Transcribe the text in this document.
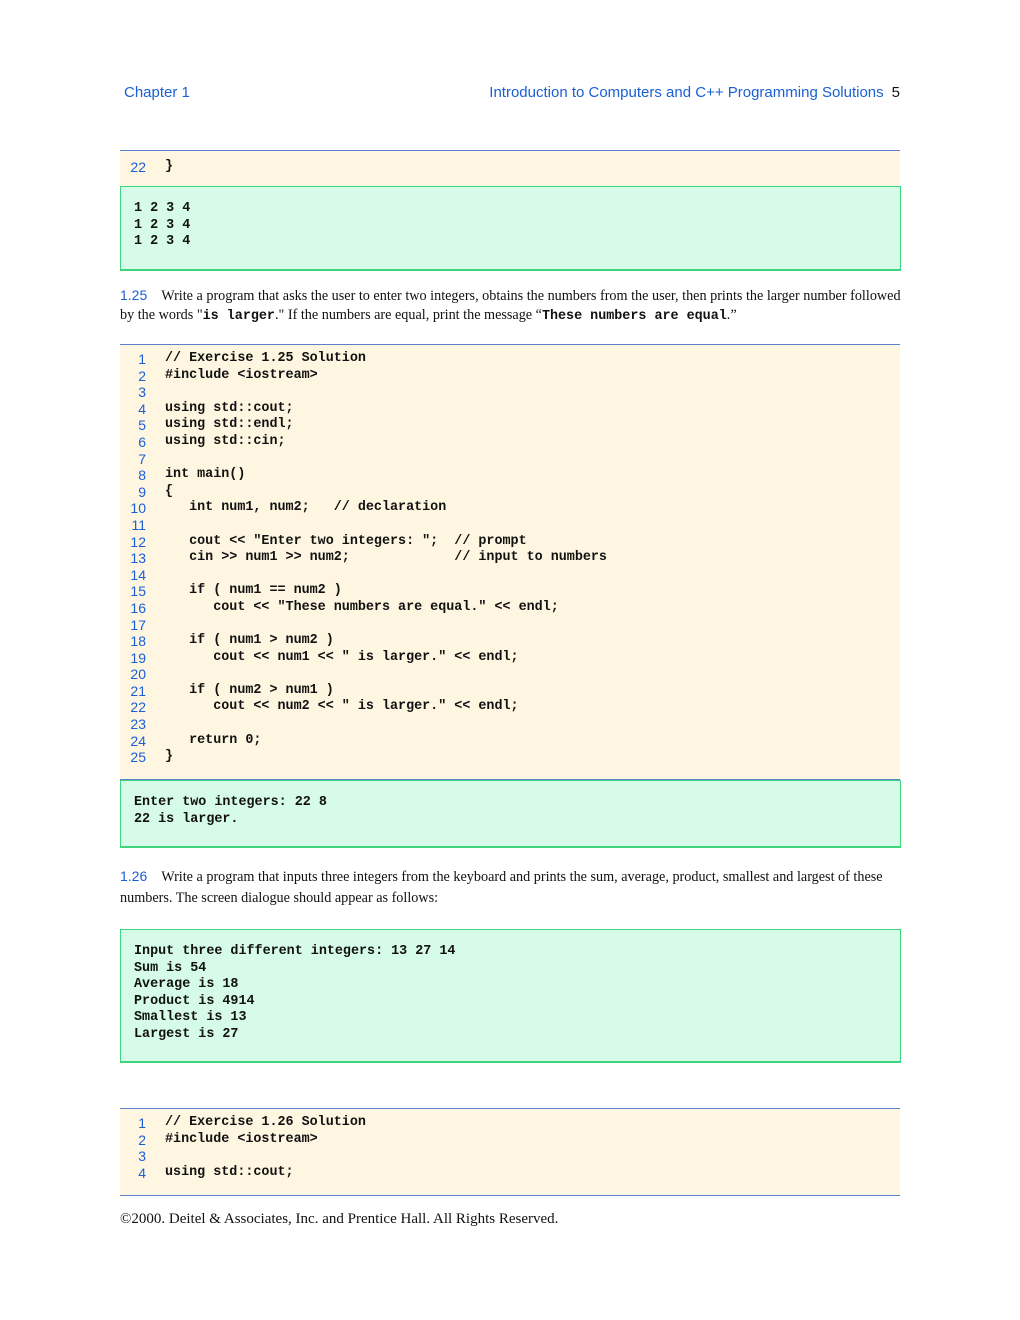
Chapter 1	Introduction to Computers and C++ Programming Solutions 5
22 }
1 2 3 4
1 2 3 4
1 2 3 4
1.25 Write a program that asks the user to enter two integers, obtains the numbers from the user, then prints the larger number followed by the words "is larger." If the numbers are equal, print the message “These numbers are equal.”
1 // Exercise 1.25 Solution
2 #include <iostream>
3
4 using std::cout;
5 using std::endl;
6 using std::cin;
7
8 int main()
9 {
10 int num1, num2;   // declaration
11
12 cout << "Enter two integers: ";  // prompt
13 cin >> num1 >> num2;             // input to numbers
14
15 if ( num1 == num2 )
16 cout << "These numbers are equal." << endl;
17
18 if ( num1 > num2 )
19 cout << num1 << " is larger." << endl;
20
21 if ( num2 > num1 )
22 cout << num2 << " is larger." << endl;
23
24 return 0;
25 }
Enter two integers: 22 8
22 is larger.
1.26 Write a program that inputs three integers from the keyboard and prints the sum, average, product, smallest and largest of these numbers. The screen dialogue should appear as follows:
Input three different integers: 13 27 14
Sum is 54
Average is 18
Product is 4914
Smallest is 13
Largest is 27
1 // Exercise 1.26 Solution
2 #include <iostream>
3
4 using std::cout;
©2000. Deitel & Associates, Inc. and Prentice Hall. All Rights Reserved.
